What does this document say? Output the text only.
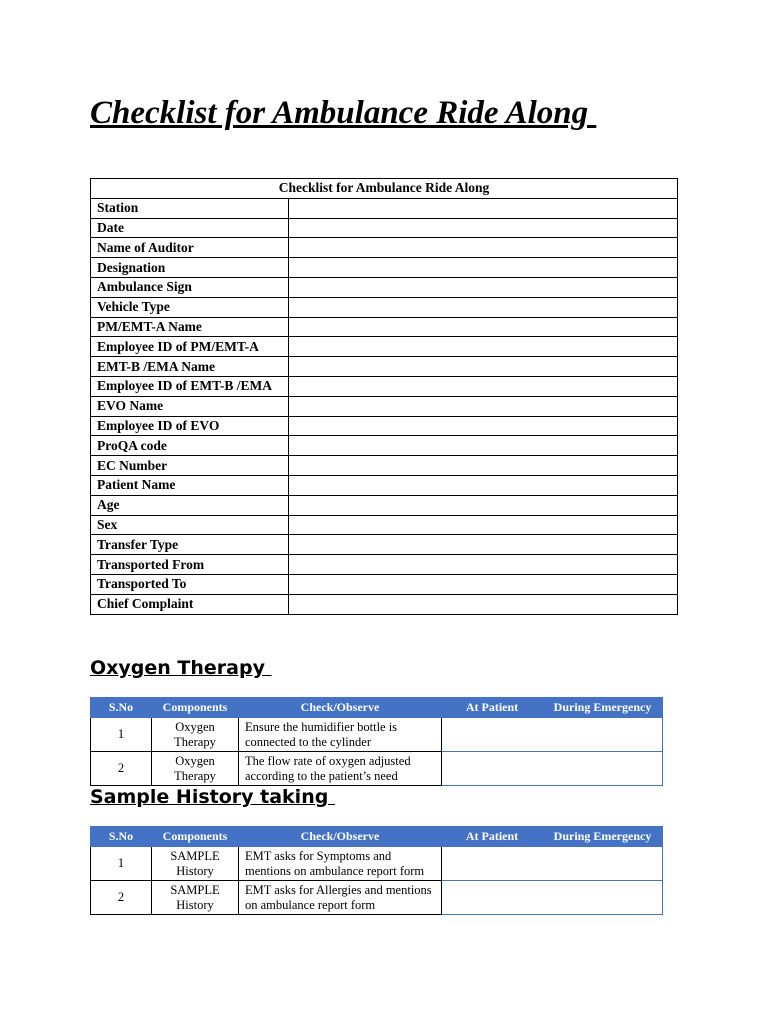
Checklist for Ambulance Ride Along
Checklist for Ambulance Ride Along	
Station	
Date	
Name of Auditor	
Designation	
Ambulance Sign	
Vehicle Type	
PM/EMT-A Name	
Employee ID of PM/EMT-A	
EMT-B /EMA Name	
Employee ID of EMT-B /EMA	
EVO Name	
Employee ID of EVO	
ProQA code	
EC Number	
Patient Name	
Age	
Sex	
Transfer Type	
Transported From	
Transported To	
Chief Complaint	
Oxygen Therapy
S.No	Components	Check/Observe	At Patient	During Emergency
1	Oxygen Therapy	Ensure the humidifier bottle is connected to the cylinder		
2	Oxygen Therapy	The flow rate of oxygen adjusted according to the patient’s need		
Sample History taking
S.No	Components	Check/Observe	At Patient	During Emergency
1	SAMPLE History	EMT asks for Symptoms and mentions on ambulance report form		
2	SAMPLE History	EMT asks for Allergies and mentions on ambulance report form		
